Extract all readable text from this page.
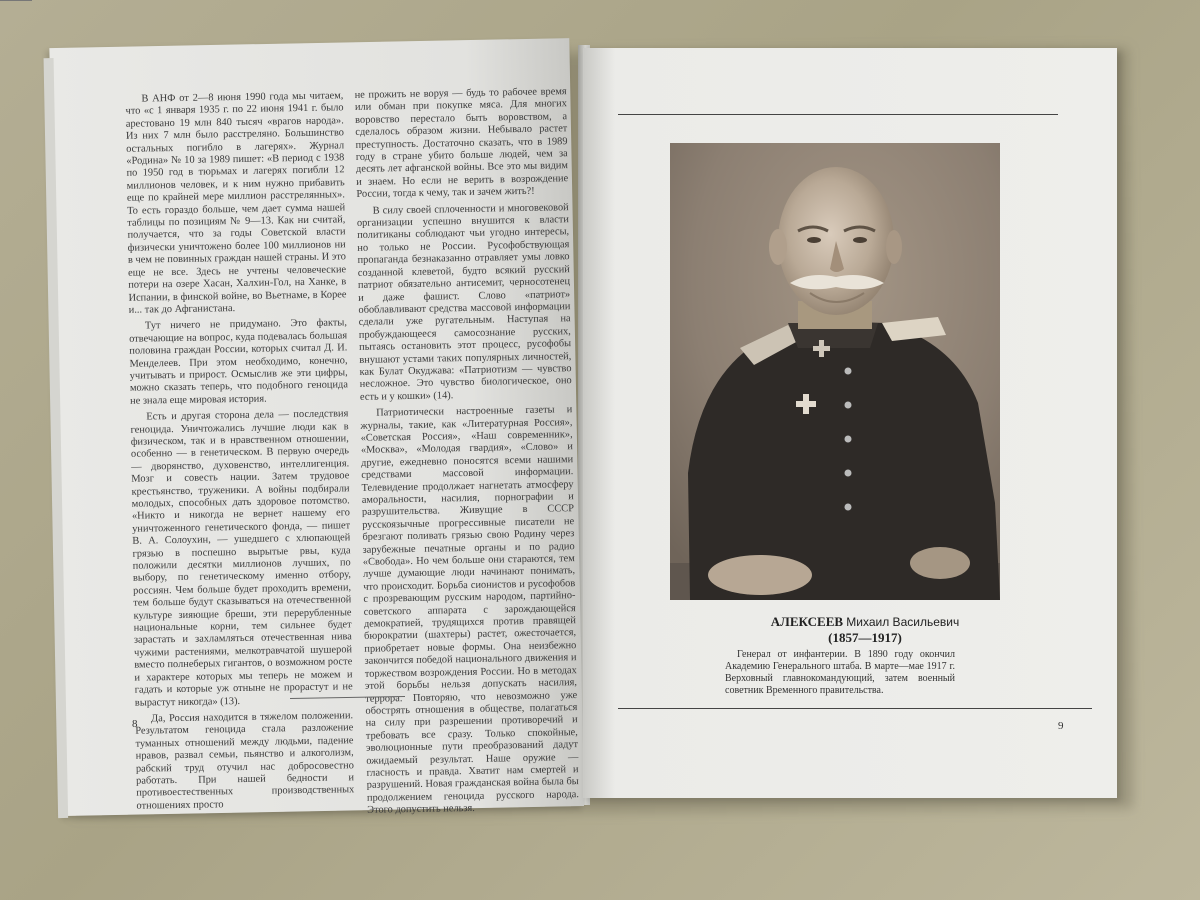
В АНФ от 2—8 июня 1990 года мы читаем, что «с 1 января 1935 г. по 22 июня 1941 г. было арестовано 19 млн 840 тысяч «врагов народа». Из них 7 млн было расстреляно. Большинство остальных погибло в лагерях». Журнал «Родина» № 10 за 1989 пишет: «В период с 1938 по 1950 год в тюрьмах и лагерях погибли 12 миллионов человек, и к ним нужно прибавить еще по крайней мере миллион расстрелянных». То есть гораздо больше, чем дает сумма нашей таблицы по позициям № 9—13. Как ни считай, получается, что за годы Советской власти физически уничтожено более 100 миллионов ни в чем не повинных граждан нашей страны. И это еще не все. Здесь не учтены человеческие потери на озере Хасан, Халхин-Гол, на Ханке, в Испании, в финской войне, во Вьетнаме, в Корее и... так до Афганистана.

Тут ничего не придумано. Это факты, отвечающие на вопрос, куда подевалась большая половина граждан России, которых считал Д. И. Менделеев. При этом необходимо, конечно, учитывать и прирост. Осмыслив же эти цифры, можно сказать теперь, что подобного геноцида не знала еще мировая история.

Есть и другая сторона дела — последствия геноцида. Уничтожались лучшие люди как в физическом, так и в нравственном отношении, особенно — в генетическом. В первую очередь — дворянство, духовенство, интеллигенция. Мозг и совесть нации. Затем трудовое крестьянство, труженики. А войны подбирали молодых, способных дать здоровое потомство. «Никто и никогда не вернет нашему его уничтоженного генетического фонда, — пишет В. А. Солоухин, — ушедшего с хлюпающей грязью в поспешно вырытые рвы, куда положили десятки миллионов лучших, по выбору, по генетическому именно отбору, россиян. Чем больше будет проходить времени, тем больше будут сказываться на отечественной культуре зияющие бреши, эти перерубленные национальные корни, тем сильнее будет зарастать и захламляться отечественная нива чужими растениями, мелкотравчатой шушерой вместо полнеберых гигантов, о возможном росте и характере которых мы теперь не можем и гадать и которые уж отныне не прорастут и не вырастут никогда» (13).

Да, Россия находится в тяжелом положении. Результатом геноцида стала разложение туманных отношений между людьми, падение нравов, развал семьи, пьянство и алкоголизм, рабский труд отучил нас добросовестно работать. При нашей бедности и противоестественных производственных отношениях просто

не прожить не воруя — будь то рабочее время или обман при покупке мяса. Для многих воровство перестало быть воровством, а сделалось образом жизни. Небывало растет преступность. Достаточно сказать, что в 1989 году в стране убито больше людей, чем за десять лет афганской войны. Все это мы видим и знаем. Но если не верить в возрождение России, тогда к чему, так и зачем жить?!

В силу своей сплоченности и многовековой организации успешно внушится к власти политиканы соблюдают чьи угодно интересы, но только не России. Русофобствующая пропаганда безнаказанно отравляет умы ловко созданной клеветой, будто всякий русский патриот обязательно антисемит, черносотенец и даже фашист. Слово «патриот» обоблавливают средства массовой информации сделали уже ругательным. Наступая на пробуждающееся самосознание русских, пытаясь остановить этот процесс, русофобы внушают устами таких популярных личностей, как Булат Окуджава: «Патриотизм — чувство несложное. Это чувство биологическое, оно есть и у кошки» (14).

Патриотически настроенные газеты и журналы, такие, как «Литературная Россия», «Советская Россия», «Наш современник», «Москва», «Молодая гвардия», «Слово» и другие, ежедневно поносятся всеми нашими средствами массовой информации. Телевидение продолжает нагнетать атмосферу аморальности, насилия, порнографии и разрушительства. Живущие в СССР русскоязычные прогрессивные писатели не брезгают поливать грязью свою Родину через зарубежные печатные органы и по радио «Свобода». Но чем больше они стараются, тем лучше думающие люди начинают понимать, что происходит. Борьба сионистов и русофобов с прозревающим русским народом, партийно-советского аппарата с зарождающейся демократией, трудящихся против правящей бюрократии (шахтеры) растет, ожесточается, приобретает новые формы. Она неизбежно закончится победой национального движения и торжеством возрождения России. Но в методах этой борьбы нельзя допускать насилия, террора. Повторяю, что невозможно уже обострять отношения в обществе, полагаться на силу при разрешении противоречий и требовать все сразу. Только спокойные, эволюционные пути преобразований дадут ожидаемый результат. Наше оружие — гласность и правда. Хватит нам смертей и разрушений. Новая гражданская война была бы продолжением геноцида русского народа. Этого допустить нельзя.

8
АЛЕКСЕЕВ Михаил Васильевич
(1857—1917)
Генерал от инфантерии. В 1890 году окончил Академию Генерального штаба. В марте—мае 1917 г. Верховный главнокомандующий, затем военный советник Временного правительства.
9
